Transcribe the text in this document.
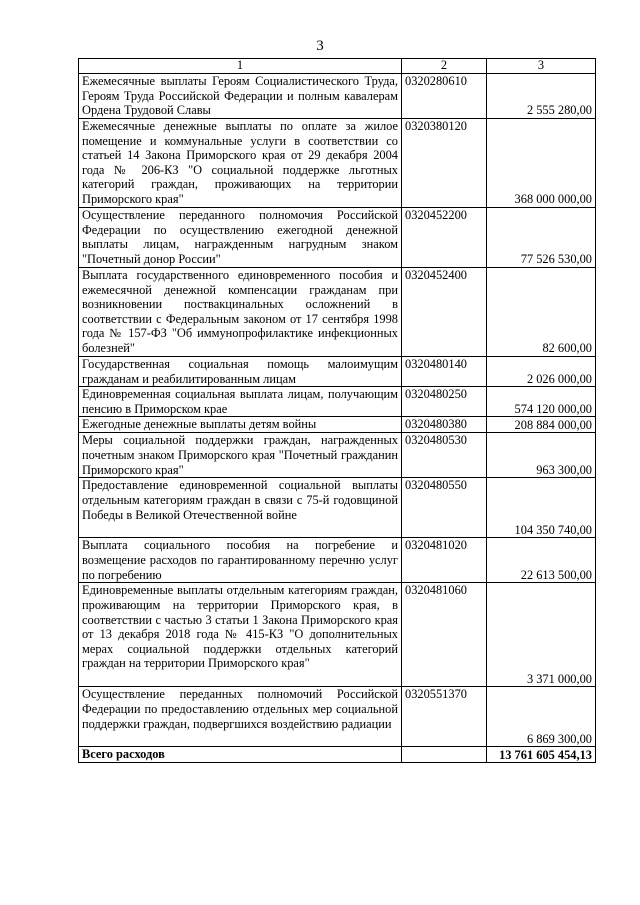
3
1	2	3
Ежемесячные выплаты Героям Социалистического Труда, Героям Труда Российской Федерации и полным кавалерам Ордена Трудовой Славы	0320280610	2 555 280,00
Ежемесячные денежные выплаты по оплате за жилое помещение и коммунальные услуги в соответствии со статьей 14 Закона Приморского края от 29 декабря 2004 года № 206-КЗ "О социальной поддержке льготных категорий граждан, проживающих на территории Приморского края"	0320380120	368 000 000,00
Осуществление переданного полномочия Российской Федерации по осуществлению ежегодной денежной выплаты лицам, награжденным нагрудным знаком "Почетный донор России"	0320452200	77 526 530,00
Выплата государственного единовременного пособия и ежемесячной денежной компенсации гражданам при возникновении поствакцинальных осложнений в соответствии с Федеральным законом от 17 сентября 1998 года № 157-ФЗ "Об иммунопрофилактике инфекционных болезней"	0320452400	82 600,00
Государственная социальная помощь малоимущим гражданам и реабилитированным лицам	0320480140	2 026 000,00
Единовременная социальная выплата лицам, получающим пенсию в Приморском крае	0320480250	574 120 000,00
Ежегодные денежные выплаты детям войны	0320480380	208 884 000,00
Меры социальной поддержки граждан, награжденных почетным знаком Приморского края "Почетный гражданин Приморского края"	0320480530	963 300,00
Предоставление единовременной социальной выплаты отдельным категориям граждан в связи с 75-й годовщиной Победы в Великой Отечественной войне	0320480550	104 350 740,00
Выплата социального пособия на погребение и возмещение расходов по гарантированному перечню услуг по погребению	0320481020	22 613 500,00
Единовременные выплаты отдельным категориям граждан, проживающим на территории Приморского края, в соответствии с частью 3 статьи 1 Закона Приморского края от 13 декабря 2018 года № 415-КЗ "О дополнительных мерах социальной поддержки отдельных категорий граждан на территории Приморского края"	0320481060	3 371 000,00
Осуществление переданных полномочий Российской Федерации по предоставлению отдельных мер социальной поддержки граждан, подвергшихся воздействию радиации	0320551370	6 869 300,00
Всего расходов		13 761 605 454,13
